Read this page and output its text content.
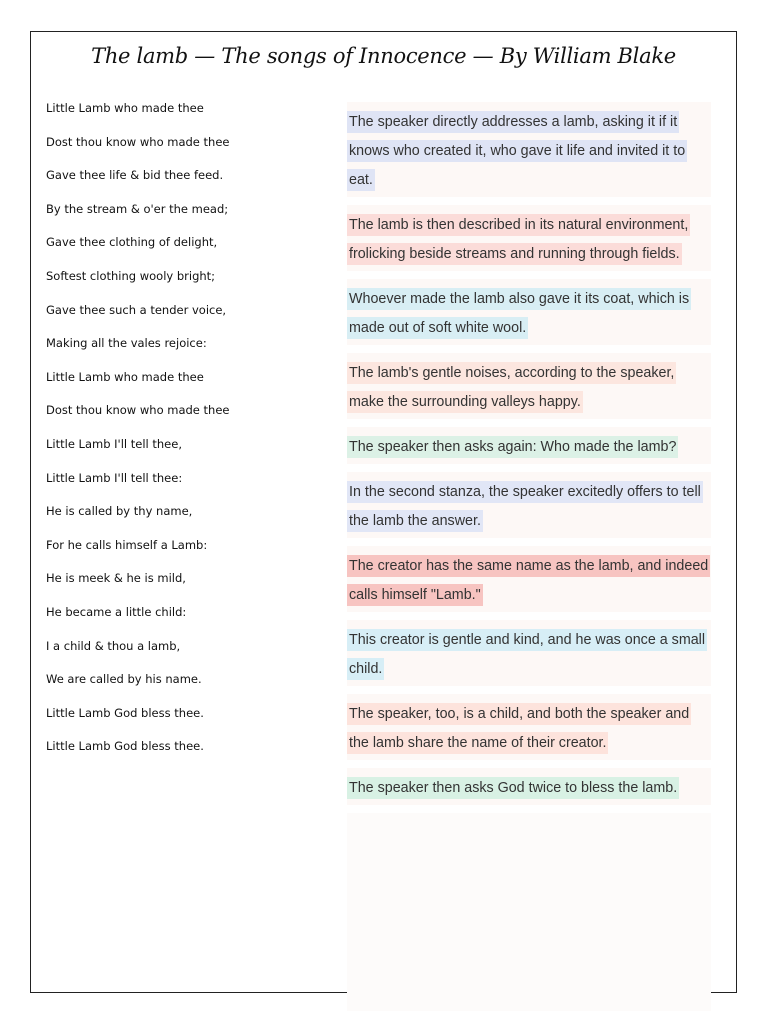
The lamb — The songs of Innocence — By William Blake
Little Lamb who made thee
Dost thou know who made thee
Gave thee life & bid thee feed.
By the stream & o'er the mead;
Gave thee clothing of delight,
Softest clothing wooly bright;
Gave thee such a tender voice,
Making all the vales rejoice:
Little Lamb who made thee
Dost thou know who made thee
Little Lamb I'll tell thee,
Little Lamb I'll tell thee:
He is called by thy name,
For he calls himself a Lamb:
He is meek & he is mild,
He became a little child:
I a child & thou a lamb,
We are called by his name.
Little Lamb God bless thee.
Little Lamb God bless thee.
The speaker directly addresses a lamb, asking it if it knows who created it, who gave it life and invited it to eat.
The lamb is then described in its natural environment, frolicking beside streams and running through fields.
Whoever made the lamb also gave it its coat, which is made out of soft white wool.
The lamb's gentle noises, according to the speaker, make the surrounding valleys happy.
The speaker then asks again: Who made the lamb?
In the second stanza, the speaker excitedly offers to tell the lamb the answer.
The creator has the same name as the lamb, and indeed calls himself "Lamb."
This creator is gentle and kind, and he was once a small child.
The speaker, too, is a child, and both the speaker and the lamb share the name of their creator.
The speaker then asks God twice to bless the lamb.
